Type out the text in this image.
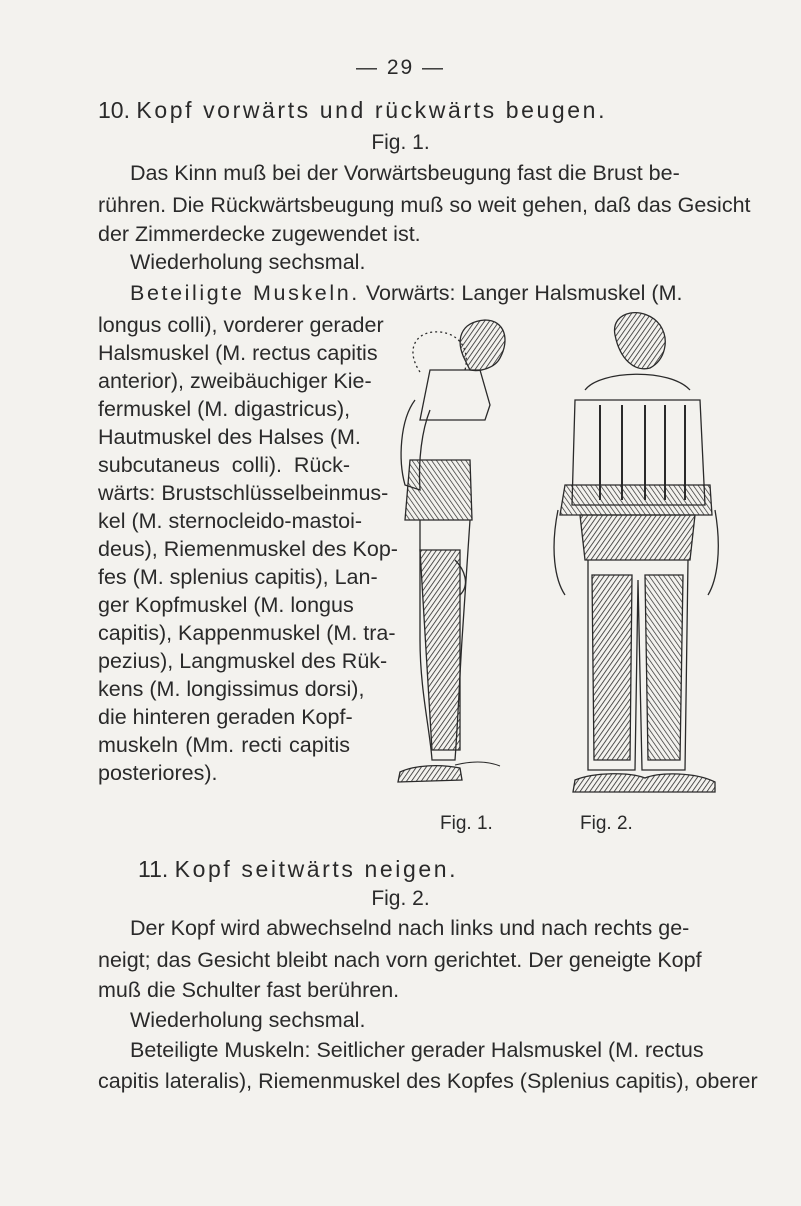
— 29 —
10. Kopf vorwärts und rückwärts beugen.
Fig. 1.
Das Kinn muß bei der Vorwärtsbeugung fast die Brust be-
rühren. Die Rückwärtsbeugung muß so weit gehen, daß das Gesicht
der Zimmerdecke zugewendet ist.
Wiederholung sechsmal.
Beteiligte Muskeln. Vorwärts: Langer Halsmuskel (M.
longus colli), vorderer gerader
Halsmuskel (M. rectus capitis
anterior), zweibäuchiger Kie-
fermuskel (M. digastricus),
Hautmuskel des Halses (M.
subcutaneus colli). Rück-
wärts: Brustschlüsselbeinmus-
kel (M. sternocleido-mastoi-
deus), Riemenmuskel des Kop-
fes (M. splenius capitis), Lan-
ger Kopfmuskel (M. longus
capitis), Kappenmuskel (M. tra-
pezius), Langmuskel des Rük-
kens (M. longissimus dorsi),
die hinteren geraden Kopf-
muskeln (Mm. recti capitis
posteriores).
Fig. 1.	Fig. 2.
11. Kopf seitwärts neigen.
Fig. 2.
Der Kopf wird abwechselnd nach links und nach rechts ge-
neigt; das Gesicht bleibt nach vorn gerichtet. Der geneigte Kopf
muß die Schulter fast berühren.
Wiederholung sechsmal.
Beteiligte Muskeln: Seitlicher gerader Halsmuskel (M. rectus
capitis lateralis), Riemenmuskel des Kopfes (Splenius capitis), oberer
